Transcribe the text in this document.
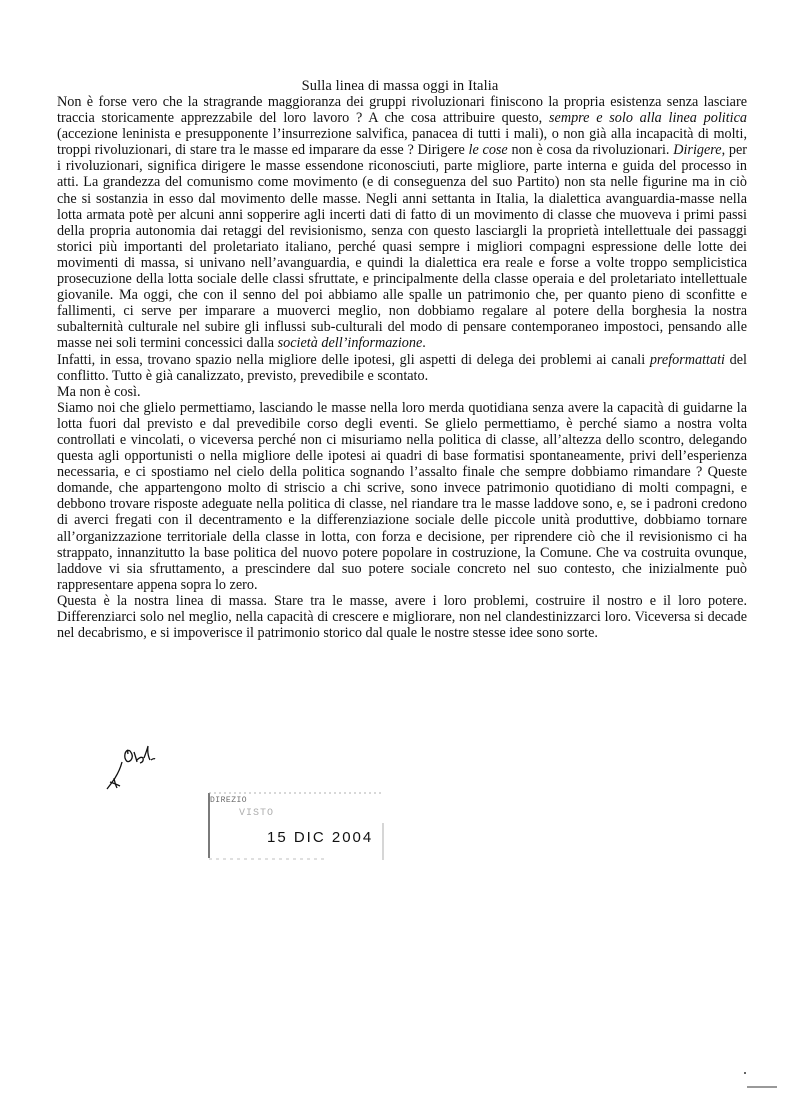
Sulla linea di massa oggi in Italia

Non è forse vero che la stragrande maggioranza dei gruppi rivoluzionari finiscono la propria esistenza senza lasciare traccia storicamente apprezzabile del loro lavoro ? A che cosa attribuire questo, sempre e solo alla linea politica (accezione leninista e presupponente l’insurrezione salvifica, panacea di tutti i mali), o non già alla incapacità di molti, troppi rivoluzionari, di stare tra le masse ed imparare da esse ? Dirigere le cose non è cosa da rivoluzionari. Dirigere, per i rivoluzionari, significa dirigere le masse essendone riconosciuti, parte migliore, parte interna e guida del processo in atti. La grandezza del comunismo come movimento (e di conseguenza del suo Partito) non sta nelle figurine ma in ciò che si sostanzia in esso dal movimento delle masse. Negli anni settanta in Italia, la dialettica avanguardia-masse nella lotta armata potè per alcuni anni sopperire agli incerti dati di fatto di un movimento di classe che muoveva i primi passi della propria autonomia dai retaggi del revisionismo, senza con questo lasciargli la proprietà intellettuale dei passaggi storici più importanti del proletariato italiano, perché quasi sempre i migliori compagni espressione delle lotte dei movimenti di massa, si univano nell’avanguardia, e quindi la dialettica era reale e forse a volte troppo semplicistica prosecuzione della lotta sociale delle classi sfruttate, e principalmente della classe operaia e del proletariato intellettuale giovanile. Ma oggi, che con il senno del poi abbiamo alle spalle un patrimonio che, per quanto pieno di sconfitte e fallimenti, ci serve per imparare a muoverci meglio, non dobbiamo regalare al potere della borghesia la nostra subalternità culturale nel subire gli influssi sub-culturali del modo di pensare contemporaneo impostoci, pensando alle masse nei soli termini concessici dalla società dell’informazione.

Infatti, in essa, trovano spazio nella migliore delle ipotesi, gli aspetti di delega dei problemi ai canali preformattati del conflitto. Tutto è già canalizzato, previsto, prevedibile e scontato.

Ma non è così.

Siamo noi che glielo permettiamo, lasciando le masse nella loro merda quotidiana senza avere la capacità di guidarne la lotta fuori dal previsto e dal prevedibile corso degli eventi. Se glielo permettiamo, è perché siamo a nostra volta controllati e vincolati, o viceversa perché non ci misuriamo nella politica di classe, all’altezza dello scontro, delegando questa agli opportunisti o nella migliore delle ipotesi ai quadri di base formatisi spontaneamente, privi dell’esperienza necessaria, e ci spostiamo nel cielo della politica sognando l’assalto finale che sempre dobbiamo rimandare ? Queste domande, che appartengono molto di striscio a chi scrive, sono invece patrimonio quotidiano di molti compagni, e debbono trovare risposte adeguate nella politica di classe, nel riandare tra le masse laddove sono, e, se i padroni credono di averci fregati con il decentramento e la differenziazione sociale delle piccole unità produttive, dobbiamo tornare all’organizzazione territoriale della classe in lotta, con forza e decisione, per riprendere ciò che il revisionismo ci ha strappato, innanzitutto la base politica del nuovo potere popolare in costruzione, la Comune. Che va costruita ovunque, laddove vi sia sfruttamento, a prescindere dal suo potere sociale concreto nel suo contesto, che inizialmente può rappresentare appena sopra lo zero.

Questa è la nostra linea di massa. Stare tra le masse, avere i loro problemi, costruire il nostro e il loro potere. Differenziarci solo nel meglio, nella capacità di crescere e migliorare, non nel clandestinizzarci loro. Viceversa si decade nel decabrismo, e si impoverisce il patrimonio storico dal quale le nostre stesse idee sono sorte.

DIREZIO
VISTO
15 DIC 2004
